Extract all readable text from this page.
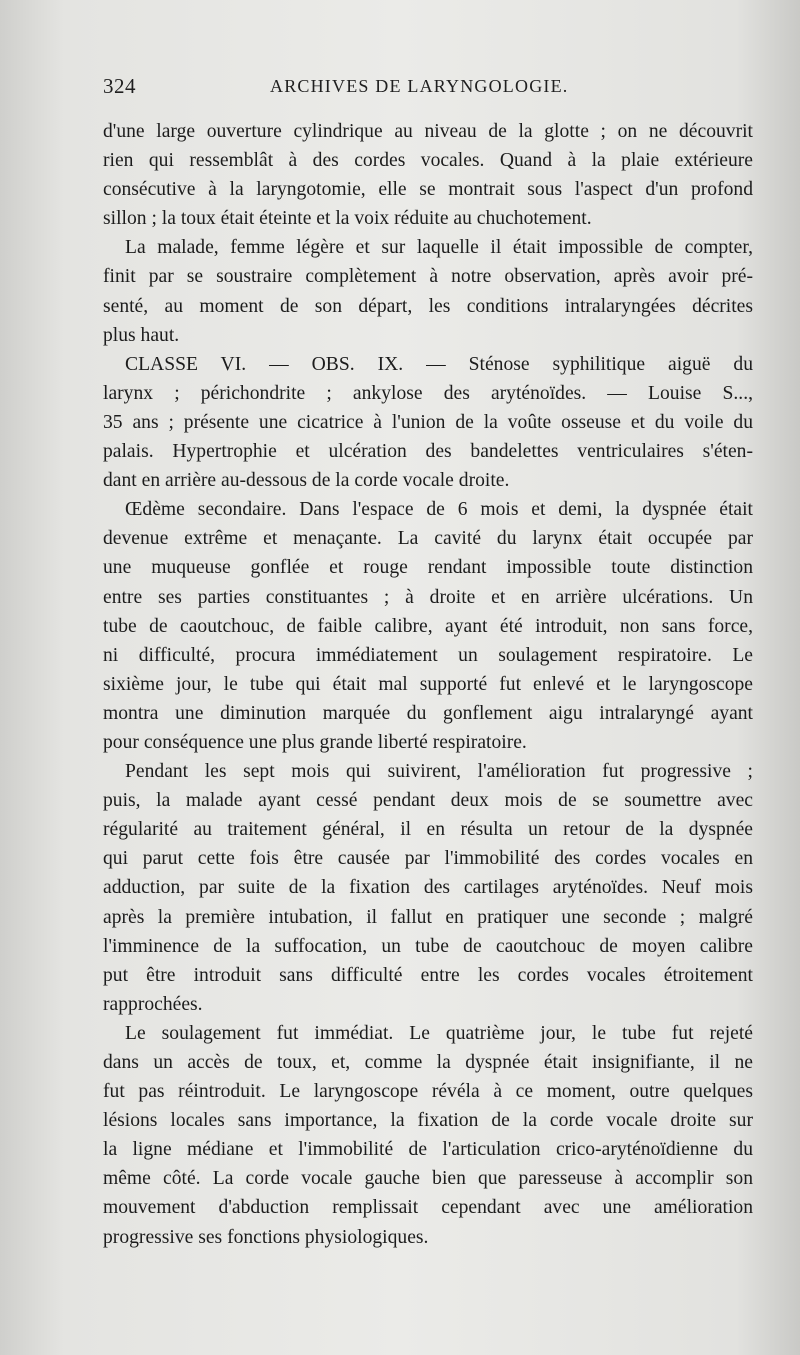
324	ARCHIVES DE LARYNGOLOGIE.
d'une large ouverture cylindrique au niveau de la glotte ; on ne découvrit
rien qui ressemblât à des cordes vocales. Quand à la plaie extérieure
consécutive à la laryngotomie, elle se montrait sous l'aspect d'un profond
sillon ; la toux était éteinte et la voix réduite au chuchotement.
La malade, femme légère et sur laquelle il était impossible de compter,
finit par se soustraire complètement à notre observation, après avoir pré-
senté, au moment de son départ, les conditions intralaryngées décrites
plus haut.
CLASSE VI. — OBS. IX. — Sténose syphilitique aiguë du
larynx ; périchondrite ; ankylose des aryténoïdes. — Louise S...,
35 ans ; présente une cicatrice à l'union de la voûte osseuse et du voile du
palais. Hypertrophie et ulcération des bandelettes ventriculaires s'éten-
dant en arrière au-dessous de la corde vocale droite.
Œdème secondaire. Dans l'espace de 6 mois et demi, la dyspnée était
devenue extrême et menaçante. La cavité du larynx était occupée par
une muqueuse gonflée et rouge rendant impossible toute distinction
entre ses parties constituantes ; à droite et en arrière ulcérations. Un
tube de caoutchouc, de faible calibre, ayant été introduit, non sans force,
ni difficulté, procura immédiatement un soulagement respiratoire. Le
sixième jour, le tube qui était mal supporté fut enlevé et le laryngoscope
montra une diminution marquée du gonflement aigu intralaryngé ayant
pour conséquence une plus grande liberté respiratoire.
Pendant les sept mois qui suivirent, l'amélioration fut progressive ;
puis, la malade ayant cessé pendant deux mois de se soumettre avec
régularité au traitement général, il en résulta un retour de la dyspnée
qui parut cette fois être causée par l'immobilité des cordes vocales en
adduction, par suite de la fixation des cartilages aryténoïdes. Neuf mois
après la première intubation, il fallut en pratiquer une seconde ; malgré
l'imminence de la suffocation, un tube de caoutchouc de moyen calibre
put être introduit sans difficulté entre les cordes vocales étroitement
rapprochées.
Le soulagement fut immédiat. Le quatrième jour, le tube fut rejeté
dans un accès de toux, et, comme la dyspnée était insignifiante, il ne
fut pas réintroduit. Le laryngoscope révéla à ce moment, outre quelques
lésions locales sans importance, la fixation de la corde vocale droite sur
la ligne médiane et l'immobilité de l'articulation crico-aryténoïdienne du
même côté. La corde vocale gauche bien que paresseuse à accomplir son
mouvement d'abduction remplissait cependant avec une amélioration
progressive ses fonctions physiologiques.
